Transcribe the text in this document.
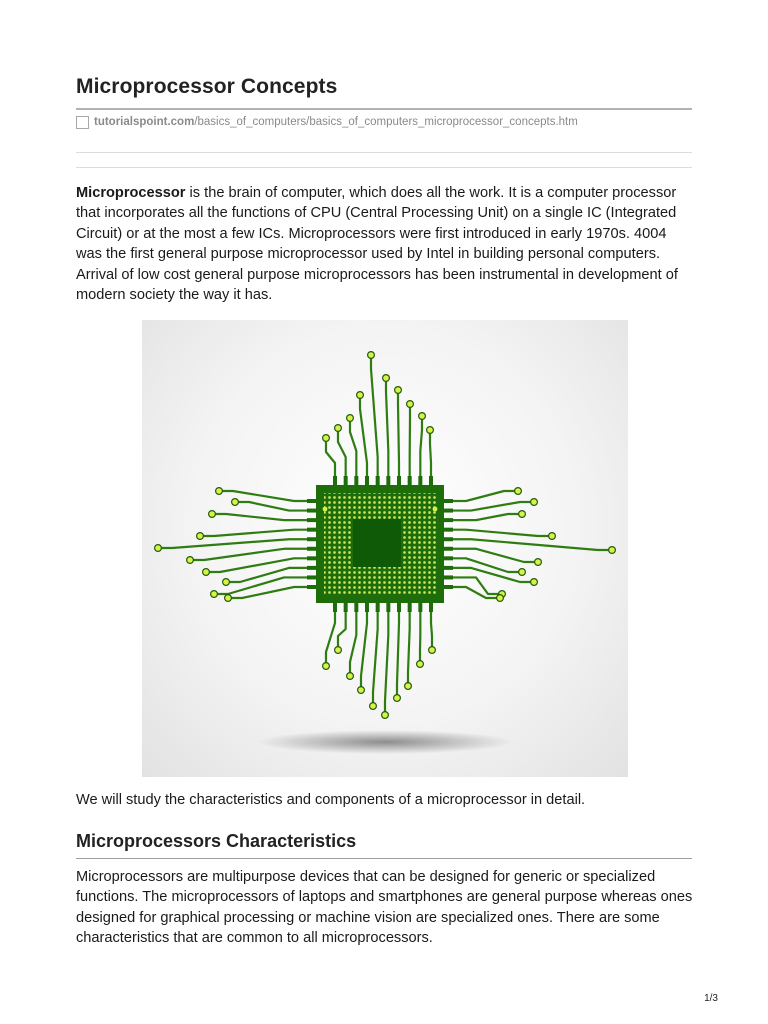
Microprocessor Concepts
tutorialspoint.com /basics_of_computers/basics_of_computers_microprocessor_concepts.htm

Microprocessor is the brain of computer, which does all the work. It is a computer processor that incorporates all the functions of CPU (Central Processing Unit) on a single IC (Integrated Circuit) or at the most a few ICs. Microprocessors were first introduced in early 1970s. 4004 was the first general purpose microprocessor used by Intel in building personal computers. Arrival of low cost general purpose microprocessors has been instrumental in development of modern society the way it has.

We will study the characteristics and components of a microprocessor in detail.

Microprocessors Characteristics

Microprocessors are multipurpose devices that can be designed for generic or specialized functions. The microprocessors of laptops and smartphones are general purpose whereas ones designed for graphical processing or machine vision are specialized ones. There are some characteristics that are common to all microprocessors.

1/3
